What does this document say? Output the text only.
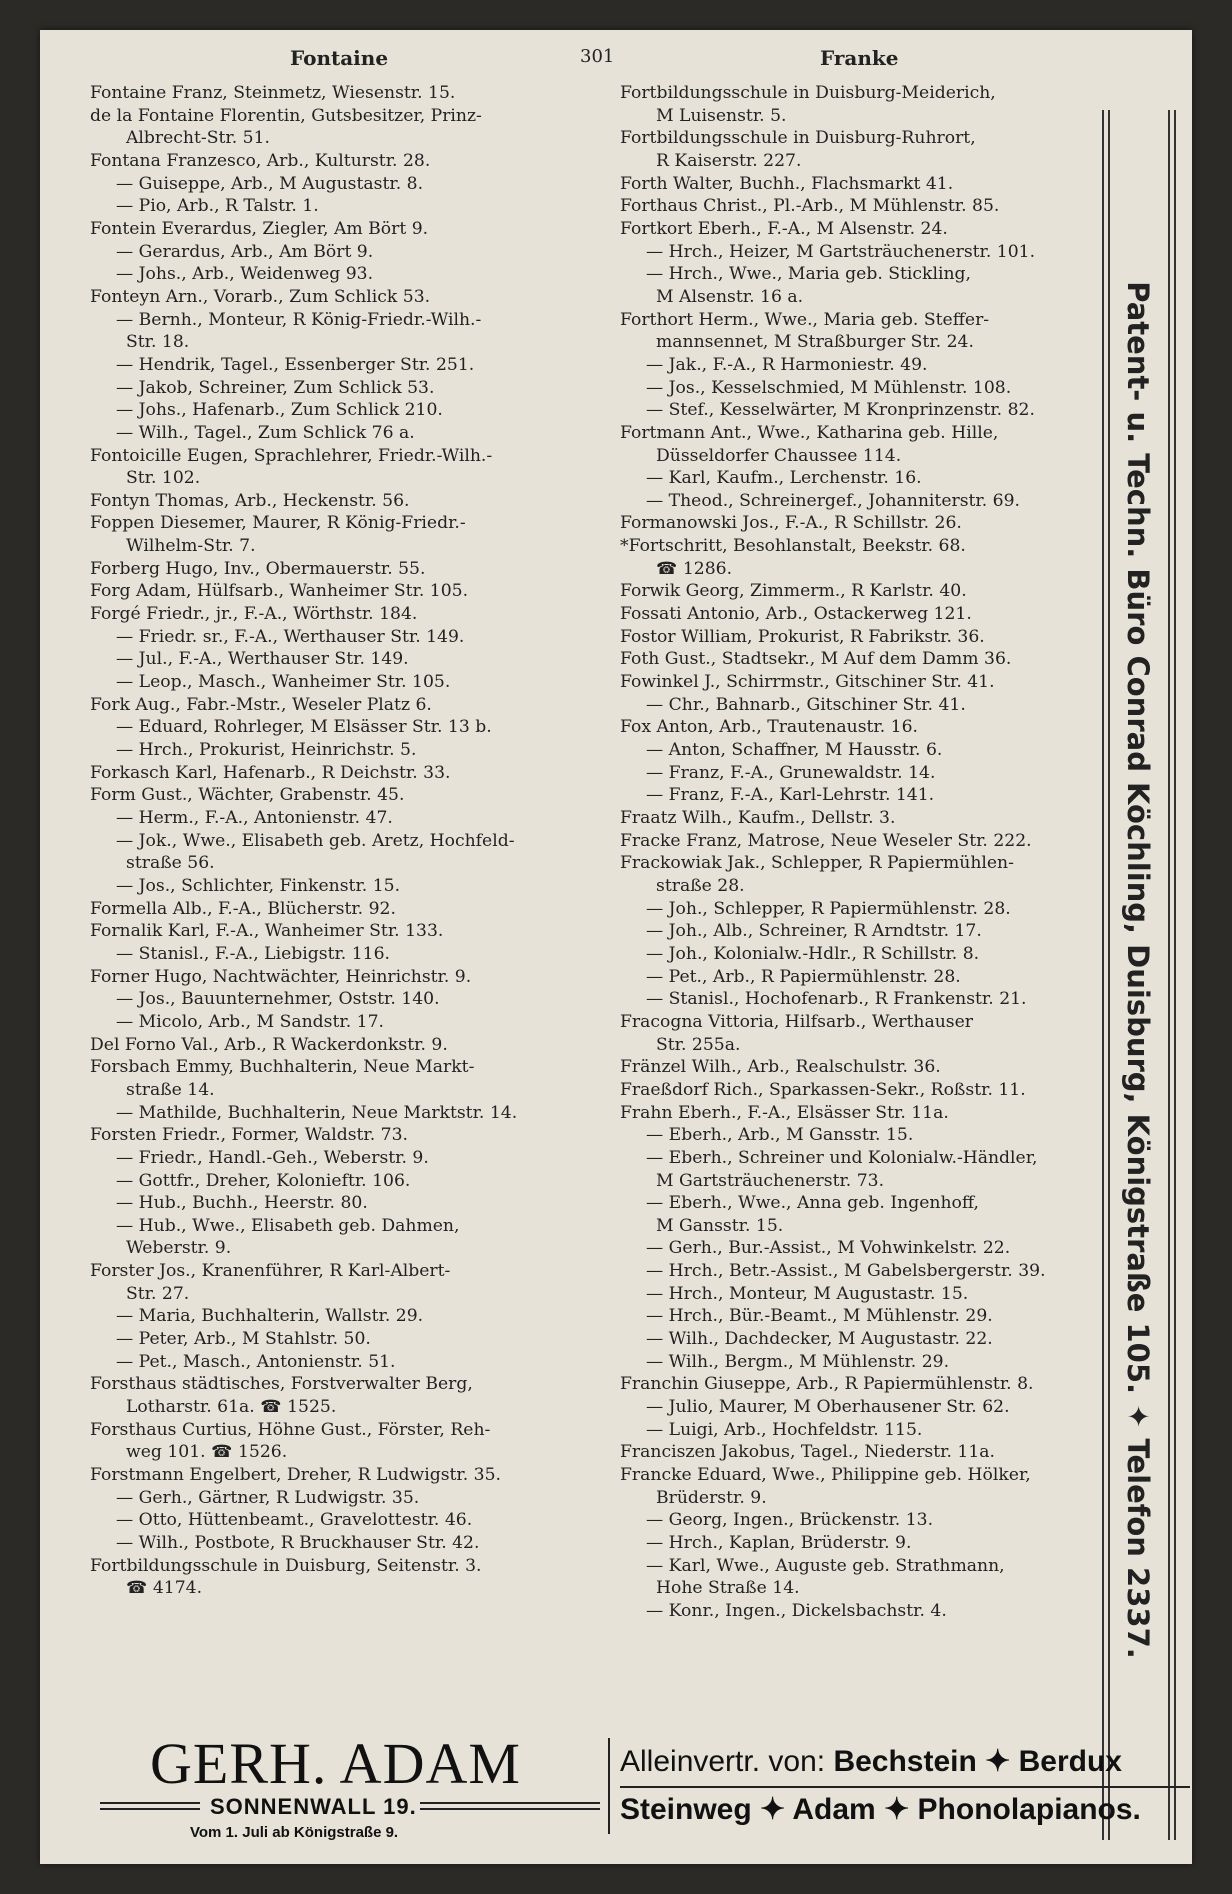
Fontaine	301	Franke
Fontaine Franz, Steinmetz, Wiesenstr. 15.
de la Fontaine Florentin, Gutsbesitzer, Prinz-
Albrecht-Str. 51.
Fontana Franzesco, Arb., Kulturstr. 28.
— Guiseppe, Arb., M Augustastr. 8.
— Pio, Arb., R Talstr. 1.
Fontein Everardus, Ziegler, Am Bört 9.
— Gerardus, Arb., Am Bört 9.
— Johs., Arb., Weidenweg 93.
Fonteyn Arn., Vorarb., Zum Schlick 53.
— Bernh., Monteur, R König-Friedr.-Wilh.-
Str. 18.
— Hendrik, Tagel., Essenberger Str. 251.
— Jakob, Schreiner, Zum Schlick 53.
— Johs., Hafenarb., Zum Schlick 210.
— Wilh., Tagel., Zum Schlick 76 a.
Fontoicille Eugen, Sprachlehrer, Friedr.-Wilh.-
Str. 102.
Fontyn Thomas, Arb., Heckenstr. 56.
Foppen Diesemer, Maurer, R König-Friedr.-
Wilhelm-Str. 7.
Forberg Hugo, Inv., Obermauerstr. 55.
Forg Adam, Hülfsarb., Wanheimer Str. 105.
Forgé Friedr., jr., F.-A., Wörthstr. 184.
— Friedr. sr., F.-A., Werthauser Str. 149.
— Jul., F.-A., Werthauser Str. 149.
— Leop., Masch., Wanheimer Str. 105.
Fork Aug., Fabr.-Mstr., Weseler Platz 6.
— Eduard, Rohrleger, M Elsässer Str. 13 b.
— Hrch., Prokurist, Heinrichstr. 5.
Forkasch Karl, Hafenarb., R Deichstr. 33.
Form Gust., Wächter, Grabenstr. 45.
— Herm., F.-A., Antonienstr. 47.
— Jok., Wwe., Elisabeth geb. Aretz, Hochfeld-
straße 56.
— Jos., Schlichter, Finkenstr. 15.
Formella Alb., F.-A., Blücherstr. 92.
Fornalik Karl, F.-A., Wanheimer Str. 133.
— Stanisl., F.-A., Liebigstr. 116.
Forner Hugo, Nachtwächter, Heinrichstr. 9.
— Jos., Bauunternehmer, Oststr. 140.
— Micolo, Arb., M Sandstr. 17.
Del Forno Val., Arb., R Wackerdonkstr. 9.
Forsbach Emmy, Buchhalterin, Neue Markt-
straße 14.
— Mathilde, Buchhalterin, Neue Marktstr. 14.
Forsten Friedr., Former, Waldstr. 73.
— Friedr., Handl.-Geh., Weberstr. 9.
— Gottfr., Dreher, Kolonieftr. 106.
— Hub., Buchh., Heerstr. 80.
— Hub., Wwe., Elisabeth geb. Dahmen,
Weberstr. 9.
Forster Jos., Kranenführer, R Karl-Albert-
Str. 27.
— Maria, Buchhalterin, Wallstr. 29.
— Peter, Arb., M Stahlstr. 50.
— Pet., Masch., Antonienstr. 51.
Forsthaus städtisches, Forstverwalter Berg,
Lotharstr. 61a. ☎ 1525.
Forsthaus Curtius, Höhne Gust., Förster, Reh-
weg 101. ☎ 1526.
Forstmann Engelbert, Dreher, R Ludwigstr. 35.
— Gerh., Gärtner, R Ludwigstr. 35.
— Otto, Hüttenbeamt., Gravelottestr. 46.
— Wilh., Postbote, R Bruckhauser Str. 42.
Fortbildungsschule in Duisburg, Seitenstr. 3.
☎ 4174.
Fortbildungsschule in Duisburg-Meiderich,
M Luisenstr. 5.
Fortbildungsschule in Duisburg-Ruhrort,
R Kaiserstr. 227.
Forth Walter, Buchh., Flachsmarkt 41.
Forthaus Christ., Pl.-Arb., M Mühlenstr. 85.
Fortkort Eberh., F.-A., M Alsenstr. 24.
— Hrch., Heizer, M Gartsträuchenerstr. 101.
— Hrch., Wwe., Maria geb. Stickling,
M Alsenstr. 16 a.
Forthort Herm., Wwe., Maria geb. Steffer-
mannsennet, M Straßburger Str. 24.
— Jak., F.-A., R Harmoniestr. 49.
— Jos., Kesselschmied, M Mühlenstr. 108.
— Stef., Kesselwärter, M Kronprinzenstr. 82.
Fortmann Ant., Wwe., Katharina geb. Hille,
Düsseldorfer Chaussee 114.
— Karl, Kaufm., Lerchenstr. 16.
— Theod., Schreinergef., Johanniterstr. 69.
Formanowski Jos., F.-A., R Schillstr. 26.
*Fortschritt, Besohlanstalt, Beekstr. 68.
☎ 1286.
Forwik Georg, Zimmerm., R Karlstr. 40.
Fossati Antonio, Arb., Ostackerweg 121.
Fostor William, Prokurist, R Fabrikstr. 36.
Foth Gust., Stadtsekr., M Auf dem Damm 36.
Fowinkel J., Schirrmstr., Gitschiner Str. 41.
— Chr., Bahnarb., Gitschiner Str. 41.
Fox Anton, Arb., Trautenaustr. 16.
— Anton, Schaffner, M Hausstr. 6.
— Franz, F.-A., Grunewaldstr. 14.
— Franz, F.-A., Karl-Lehrstr. 141.
Fraatz Wilh., Kaufm., Dellstr. 3.
Fracke Franz, Matrose, Neue Weseler Str. 222.
Frackowiak Jak., Schlepper, R Papiermühlen-
straße 28.
— Joh., Schlepper, R Papiermühlenstr. 28.
— Joh., Alb., Schreiner, R Arndtstr. 17.
— Joh., Kolonialw.-Hdlr., R Schillstr. 8.
— Pet., Arb., R Papiermühlenstr. 28.
— Stanisl., Hochofenarb., R Frankenstr. 21.
Fracogna Vittoria, Hilfsarb., Werthauser
Str. 255a.
Fränzel Wilh., Arb., Realschulstr. 36.
Fraeßdorf Rich., Sparkassen-Sekr., Roßstr. 11.
Frahn Eberh., F.-A., Elsässer Str. 11a.
— Eberh., Arb., M Gansstr. 15.
— Eberh., Schreiner und Kolonialw.-Händler,
M Gartsträuchenerstr. 73.
— Eberh., Wwe., Anna geb. Ingenhoff,
M Gansstr. 15.
— Gerh., Bur.-Assist., M Vohwinkelstr. 22.
— Hrch., Betr.-Assist., M Gabelsbergerstr. 39.
— Hrch., Monteur, M Augustastr. 15.
— Hrch., Bür.-Beamt., M Mühlenstr. 29.
— Wilh., Dachdecker, M Augustastr. 22.
— Wilh., Bergm., M Mühlenstr. 29.
Franchin Giuseppe, Arb., R Papiermühlenstr. 8.
— Julio, Maurer, M Oberhausener Str. 62.
— Luigi, Arb., Hochfeldstr. 115.
Franciszen Jakobus, Tagel., Niederstr. 11a.
Francke Eduard, Wwe., Philippine geb. Hölker,
Brüderstr. 9.
— Georg, Ingen., Brückenstr. 13.
— Hrch., Kaplan, Brüderstr. 9.
— Karl, Wwe., Auguste geb. Strathmann,
Hohe Straße 14.
— Konr., Ingen., Dickelsbachstr. 4.	Patent- u. Techn. Büro Conrad Köchling, Duisburg, Königstraße 105. ✦ Telefon 2337.
GERH. ADAM
SONNENWALL 19.
Vom 1. Juli ab Königstraße 9.
Alleinvertr. von: Bechstein ✦ Berdux
Steinweg ✦ Adam ✦ Phonolapianos.
